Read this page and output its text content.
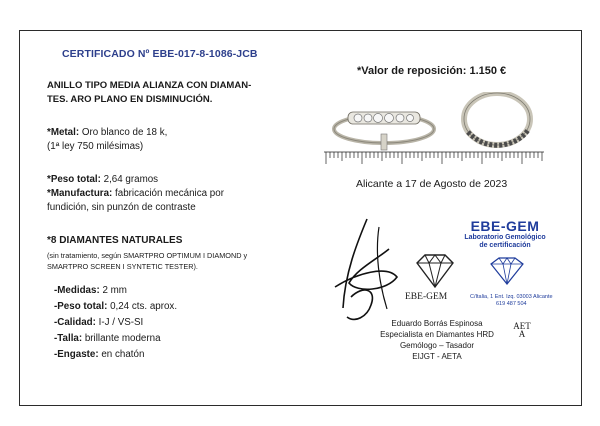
CERTIFICADO Nº EBE-017-8-1086-JCB
ANILLO TIPO MEDIA ALIANZA CON DIAMAN-
TES. ARO PLANO EN DISMINUCIÓN.
*Valor de reposición: 1.150 €
*Metal: Oro blanco de 18 k,
(1ª ley 750 milésimas)
*Peso total: 2,64 gramos
*Manufactura: fabricación mecánica por
fundición, sin punzón de contraste
*8 DIAMANTES NATURALES
(sin tratamiento, según SMARTPRO OPTIMUM I DIAMOND y
SMARTPRO SCREEN I SYNTETIC TESTER).
-Medidas: 2 mm
-Peso total: 0,24 cts. aprox.
-Calidad: I-J / VS-SI
-Talla: brillante moderna
-Engaste: en chatón
Alicante a 17 de Agosto de 2023
EBE-GEM
EBE-GEM
Laboratorio Gemológico
de certificación
C/Italia, 1 Ent. Izq. 03003 Alicante
619 487 504
Eduardo Borrás Espinosa
Especialista en Diamantes HRD
Gemólogo – Tasador
EIJGT - AETA
AETA
